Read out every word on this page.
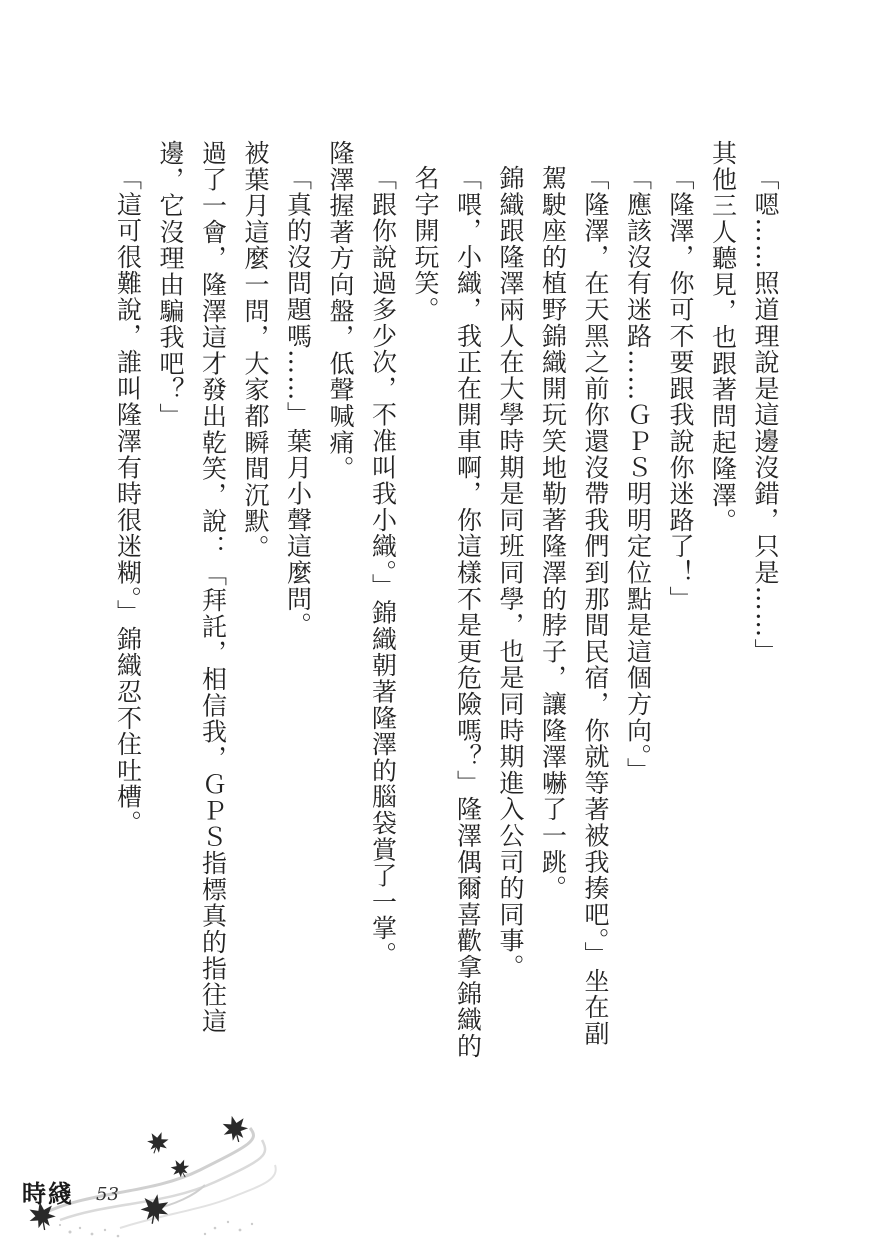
「嗯……照道理說是這邊沒錯，只是……」

其他三人聽見，也跟著問起隆澤。

「隆澤，你可不要跟我說你迷路了！」

「應該沒有迷路……ＧＰＳ明明定位點是這個方向。」

「隆澤，在天黑之前你還沒帶我們到那間民宿，你就等著被我揍吧。」坐在副駕駛座的植野錦織開玩笑地勒著隆澤的脖子，讓隆澤嚇了一跳。

錦織跟隆澤兩人在大學時期是同班同學，也是同時期進入公司的同事。

「喂，小織，我正在開車啊，你這樣不是更危險嗎？」隆澤偶爾喜歡拿錦織的名字開玩笑。

「跟你說過多少次，不准叫我小織。」錦織朝著隆澤的腦袋賞了一掌。

隆澤握著方向盤，低聲喊痛。

「真的沒問題嗎……」葉月小聲這麼問。

被葉月這麼一問，大家都瞬間沉默。

過了一會，隆澤這才發出乾笑，說：「拜託，相信我，ＧＰＳ指標真的指往這邊，它沒理由騙我吧？」

「這可很難說，誰叫隆澤有時很迷糊。」錦織忍不住吐槽。

時綫 53
